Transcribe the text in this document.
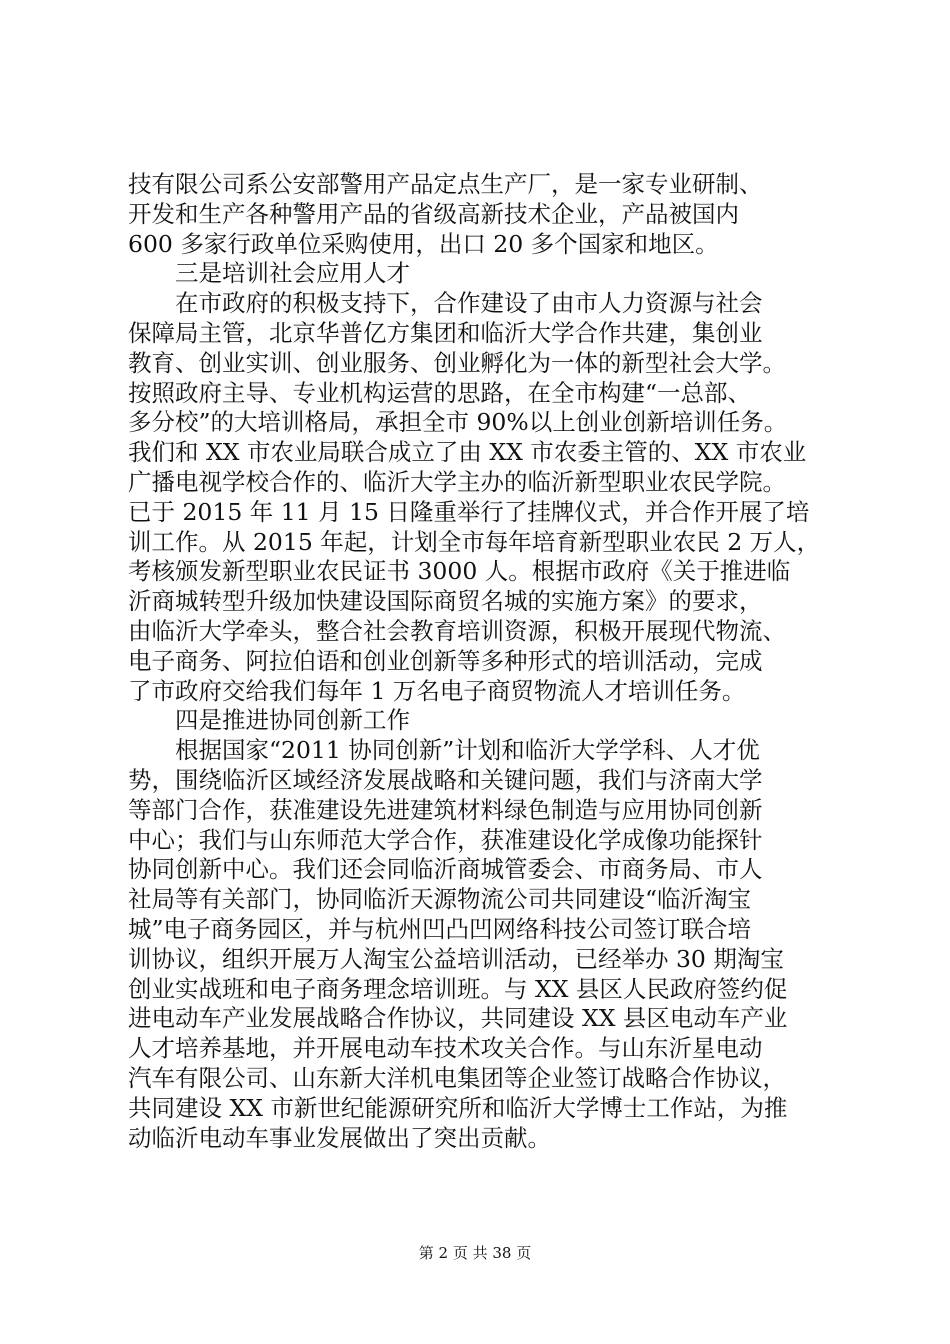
技有限公司系公安部警用产品定点生产厂，是一家专业研制、
开发和生产各种警用产品的省级高新技术企业，产品被国内
600 多家行政单位采购使用，出口 20 多个国家和地区。
　　三是培训社会应用人才
　　在市政府的积极支持下，合作建设了由市人力资源与社会
保障局主管，北京华普亿方集团和临沂大学合作共建，集创业
教育、创业实训、创业服务、创业孵化为一体的新型社会大学。
按照政府主导、专业机构运营的思路，在全市构建“一总部、
多分校”的大培训格局，承担全市 90%以上创业创新培训任务。
我们和 XX 市农业局联合成立了由 XX 市农委主管的、XX 市农业
广播电视学校合作的、临沂大学主办的临沂新型职业农民学院。
已于 2015 年 11 月 15 日隆重举行了挂牌仪式，并合作开展了培
训工作。从 2015 年起，计划全市每年培育新型职业农民 2 万人，
考核颁发新型职业农民证书 3000 人。根据市政府《关于推进临
沂商城转型升级加快建设国际商贸名城的实施方案》的要求，
由临沂大学牵头，整合社会教育培训资源，积极开展现代物流、
电子商务、阿拉伯语和创业创新等多种形式的培训活动，完成
了市政府交给我们每年 1 万名电子商贸物流人才培训任务。
　　四是推进协同创新工作
　　根据国家“2011 协同创新”计划和临沂大学学科、人才优
势，围绕临沂区域经济发展战略和关键问题，我们与济南大学
等部门合作，获准建设先进建筑材料绿色制造与应用协同创新
中心；我们与山东师范大学合作，获准建设化学成像功能探针
协同创新中心。我们还会同临沂商城管委会、市商务局、市人
社局等有关部门，协同临沂天源物流公司共同建设“临沂淘宝
城”电子商务园区，并与杭州凹凸凹网络科技公司签订联合培
训协议，组织开展万人淘宝公益培训活动，已经举办 30 期淘宝
创业实战班和电子商务理念培训班。与 XX 县区人民政府签约促
进电动车产业发展战略合作协议，共同建设 XX 县区电动车产业
人才培养基地，并开展电动车技术攻关合作。与山东沂星电动
汽车有限公司、山东新大洋机电集团等企业签订战略合作协议，
共同建设 XX 市新世纪能源研究所和临沂大学博士工作站，为推
动临沂电动车事业发展做出了突出贡献。
第 2 页 共 38 页
